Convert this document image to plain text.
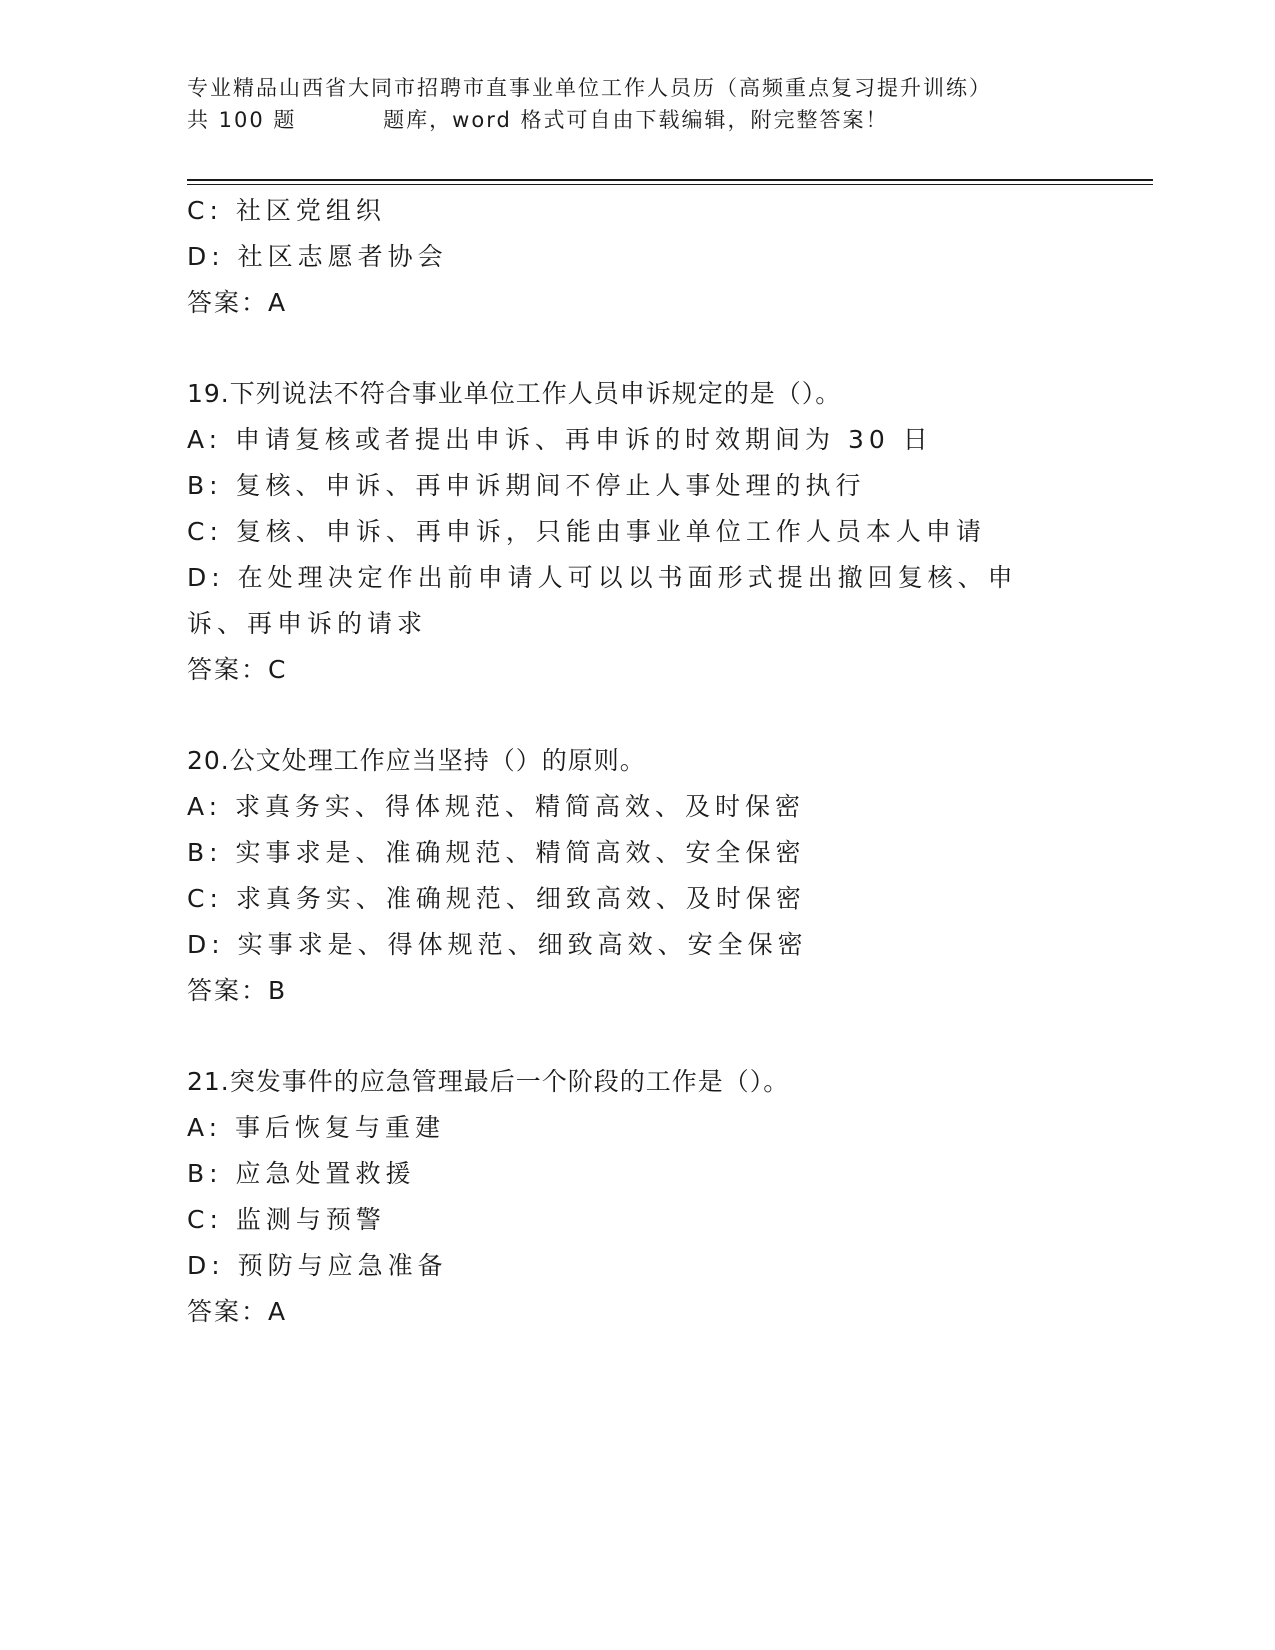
专业精品山西省大同市招聘市直事业单位工作人员历（高频重点复习提升训练）
共 100 题          题库，word 格式可自由下载编辑，附完整答案！
C: 社区党组织
D: 社区志愿者协会
答案：A
19.下列说法不符合事业单位工作人员申诉规定的是（）。
A: 申请复核或者提出申诉、再申诉的时效期间为 30 日
B: 复核、申诉、再申诉期间不停止人事处理的执行
C: 复核、申诉、再申诉，只能由事业单位工作人员本人申请
D: 在处理决定作出前申请人可以以书面形式提出撤回复核、申诉、再申诉的请求
答案：C
20.公文处理工作应当坚持（）的原则。
A: 求真务实、得体规范、精简高效、及时保密
B: 实事求是、准确规范、精简高效、安全保密
C: 求真务实、准确规范、细致高效、及时保密
D: 实事求是、得体规范、细致高效、安全保密
答案：B
21.突发事件的应急管理最后一个阶段的工作是（）。
A: 事后恢复与重建
B: 应急处置救援
C: 监测与预警
D: 预防与应急准备
答案：A
